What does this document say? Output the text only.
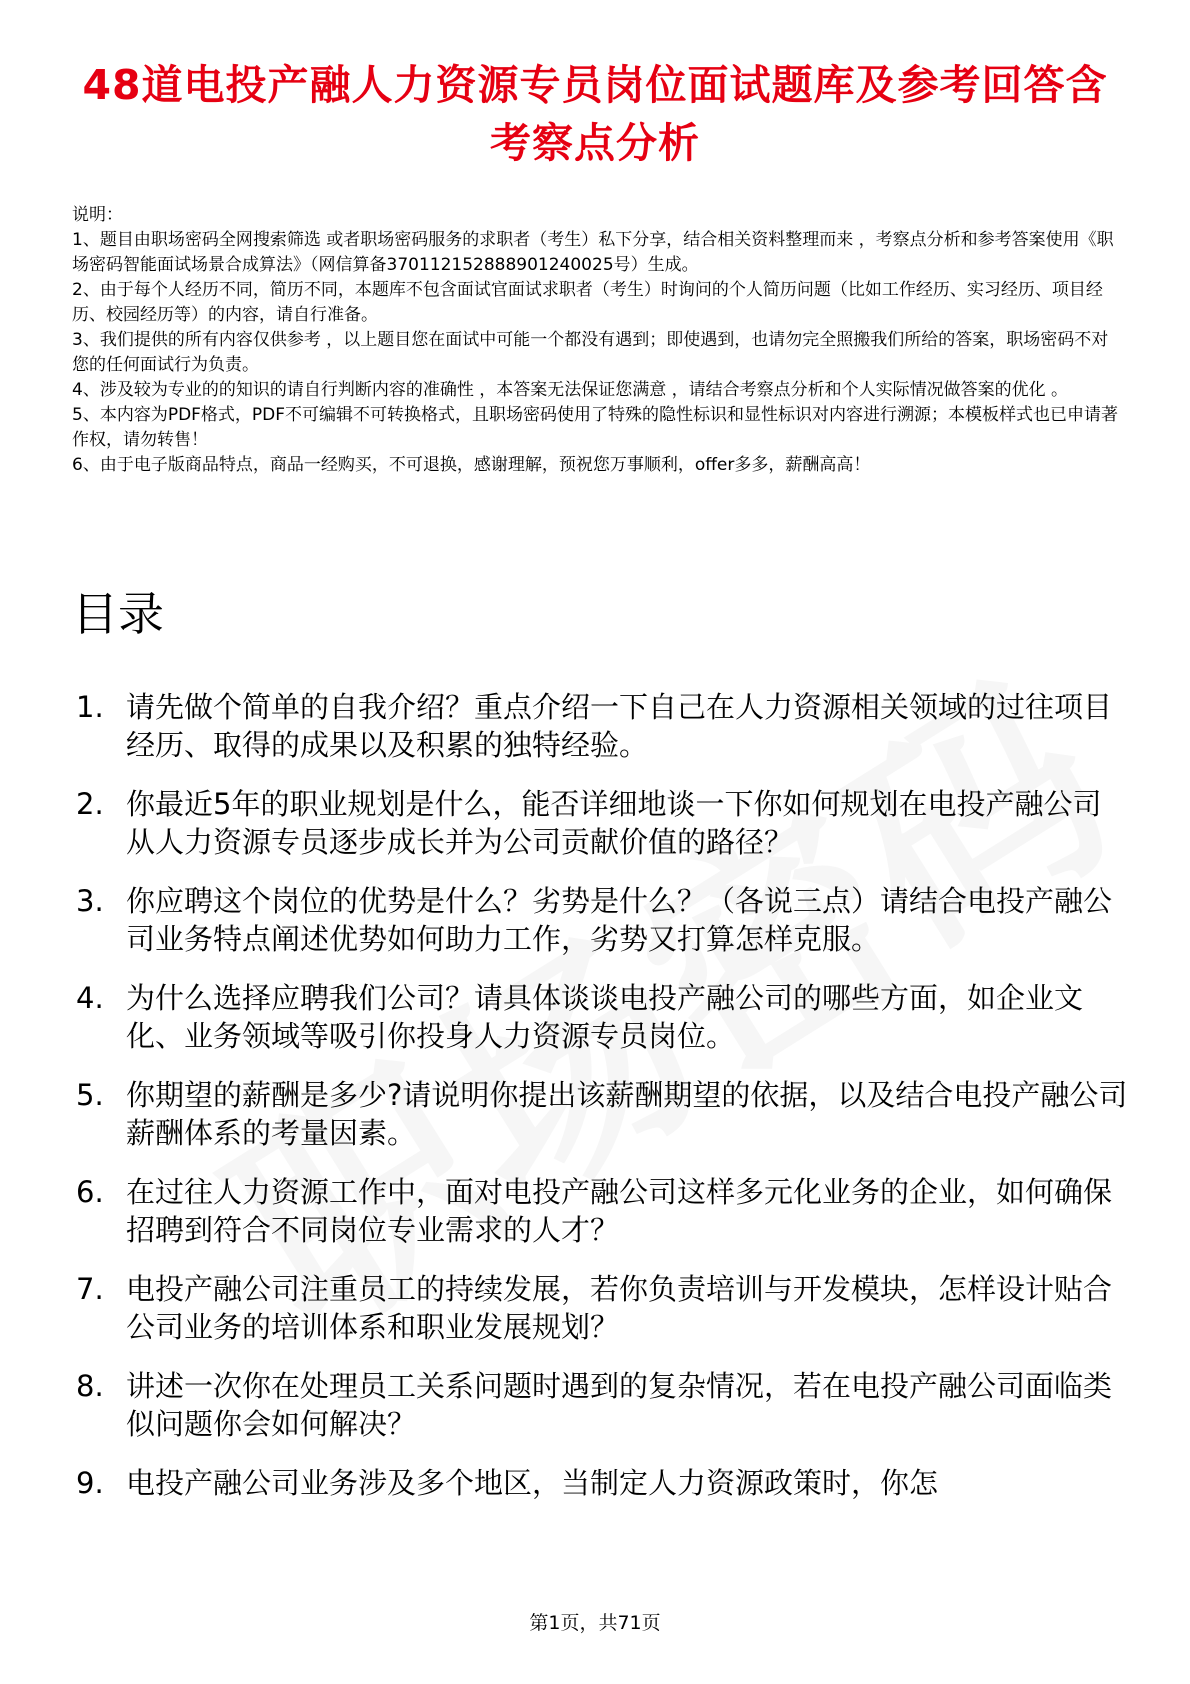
48道电投产融人力资源专员岗位面试题库及参考回答含考察点分析
说明：
1、题目由职场密码全网搜索筛选 或者职场密码服务的求职者（考生）私下分享，结合相关资料整理而来 ，考察点分析和参考答案使用《职场密码智能面试场景合成算法》（网信算备370112152888901240025号）生成。
2、由于每个人经历不同，简历不同，本题库不包含面试官面试求职者（考生）时询问的个人简历问题（比如工作经历、实习经历、项目经历、校园经历等）的内容，请自行准备。
3、我们提供的所有内容仅供参考 ，以上题目您在面试中可能一个都没有遇到；即使遇到，也请勿完全照搬我们所给的答案，职场密码不对您的任何面试行为负责。
4、涉及较为专业的的知识的请自行判断内容的准确性 ，本答案无法保证您满意 ，请结合考察点分析和个人实际情况做答案的优化 。
5、本内容为PDF格式，PDF不可编辑不可转换格式，且职场密码使用了特殊的隐性标识和显性标识对内容进行溯源；本模板样式也已申请著作权，请勿转售！
6、由于电子版商品特点，商品一经购买，不可退换，感谢理解，预祝您万事顺利，offer多多，薪酬高高！
目录
1. 请先做个简单的自我介绍？重点介绍一下自己在人力资源相关领域的过往项目经历、取得的成果以及积累的独特经验。
2. 你最近5年的职业规划是什么，能否详细地谈一下你如何规划在电投产融公司从人力资源专员逐步成长并为公司贡献价值的路径？
3. 你应聘这个岗位的优势是什么？劣势是什么？（各说三点）请结合电投产融公司业务特点阐述优势如何助力工作，劣势又打算怎样克服。
4. 为什么选择应聘我们公司？请具体谈谈电投产融公司的哪些方面，如企业文化、业务领域等吸引你投身人力资源专员岗位。
5. 你期望的薪酬是多少?请说明你提出该薪酬期望的依据，以及结合电投产融公司薪酬体系的考量因素。
6. 在过往人力资源工作中，面对电投产融公司这样多元化业务的企业，如何确保招聘到符合不同岗位专业需求的人才？
7. 电投产融公司注重员工的持续发展，若你负责培训与开发模块，怎样设计贴合公司业务的培训体系和职业发展规划？
8. 讲述一次你在处理员工关系问题时遇到的复杂情况，若在电投产融公司面临类似问题你会如何解决？
9. 电投产融公司业务涉及多个地区，当制定人力资源政策时，你怎
第1页，共71页
